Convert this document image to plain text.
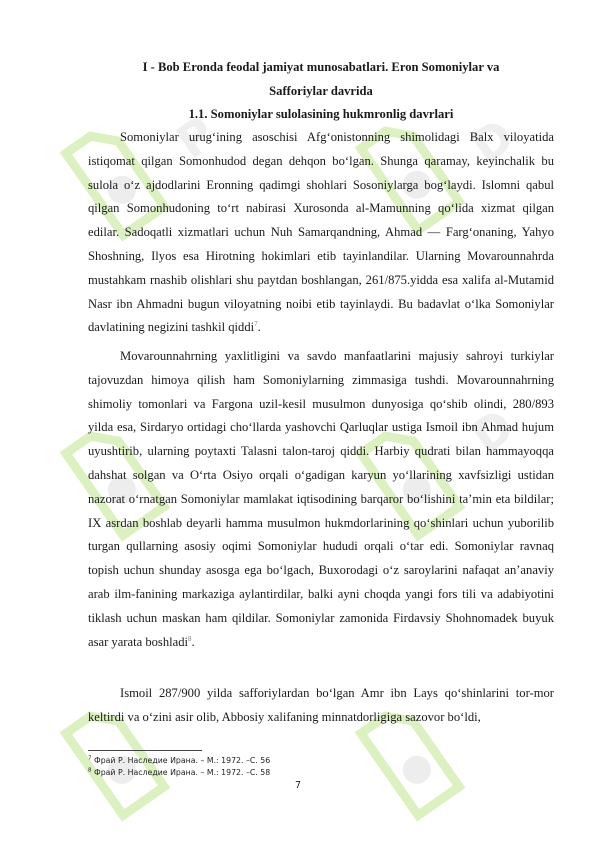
P	D
D
I - Bob Eronda feodal jamiyat munosabatlari. Eron Somoniylar va
Safforiylar davrida
1.1. Somoniylar sulolasining hukmronlig davrlari

Somoniylar urug‘ining asoschisi Afg‘onistonning shimolidagi Balx viloyatida istiqomat qilgan Somonhudod degan dehqon bo‘lgan. Shunga qaramay, keyinchalik bu sulola o‘z ajdodlarini Eronning qadimgi shohlari Sosoniylarga bog‘laydi. Islomni qabul qilgan Somonhudoning to‘rt nabirasi Xurosonda al-Mamunning qo‘lida xizmat qilgan edilar. Sadoqatli xizmatlari uchun Nuh Samarqandning, Ahmad — Farg‘onaning, Yahyo Shoshning, Ilyos esa Hirotning hokimlari etib tayinlandilar. Ularning Movarounnahrda mustahkam rnashib olishlari shu paytdan boshlangan, 261/875.yidda esa xalifa al-Mutamid Nasr ibn Ahmadni bugun viloyatning noibi etib tayinlaydi. Bu badavlat o‘lka Somoniylar davlatining negizini tashkil qiddi$^7$.

Movarounnahrning yaxlitligini va savdo manfaatlarini majusiy sahroyi turkiylar tajovuzdan himoya qilish ham Somoniylarning zimmasiga tushdi. Movarounnahrning shimoliy tomonlari va Fargona uzil-kesil musulmon dunyosiga qo‘shib olindi, 280/893 yilda esa, Sirdaryo ortidagi cho‘llarda yashovchi Qarluqlar ustiga Ismoil ibn Ahmad hujum uyushtirib, ularning poytaxti Talasni talon-taroj qiddi. Harbiy qudrati bilan hammayoqqa dahshat solgan va O‘rta Osiyo orqali o‘gadigan karyun yo‘llarining xavfsizligi ustidan nazorat o‘rnatgan Somoniylar mamlakat iqtisodining barqaror bo‘lishini ta’min eta bildilar; IX asrdan boshlab deyarli hamma musulmon hukmdorlarining qo‘shinlari uchun yuborilib turgan qullarning asosiy oqimi Somoniylar hududi orqali o‘tar edi. Somoniylar ravnaq topish uchun shunday asosga ega bo‘lgach, Buxorodagi o‘z saroylarini nafaqat an’anaviy arab ilm-fanining markaziga aylantirdilar, balki ayni choqda yangi fors tili va adabiyotini tiklash uchun maskan ham qildilar. Somoniylar zamonida Firdavsiy Shohnomadek buyuk asar yarata boshladi$^8$.

Ismoil 287/900 yilda safforiylardan bo‘lgan Amr ibn Lays qo‘shinlarini tor-mor keltirdi va o‘zini asir olib, Abbosiy xalifaning minnatdorligiga sazovor bo‘ldi,

$^7$ Фрай Р. Наследие Ирана. – М.: 1972. –С. 56

$^8$ Фрай Р. Наследие Ирана. – М.: 1972. –С. 58

7
